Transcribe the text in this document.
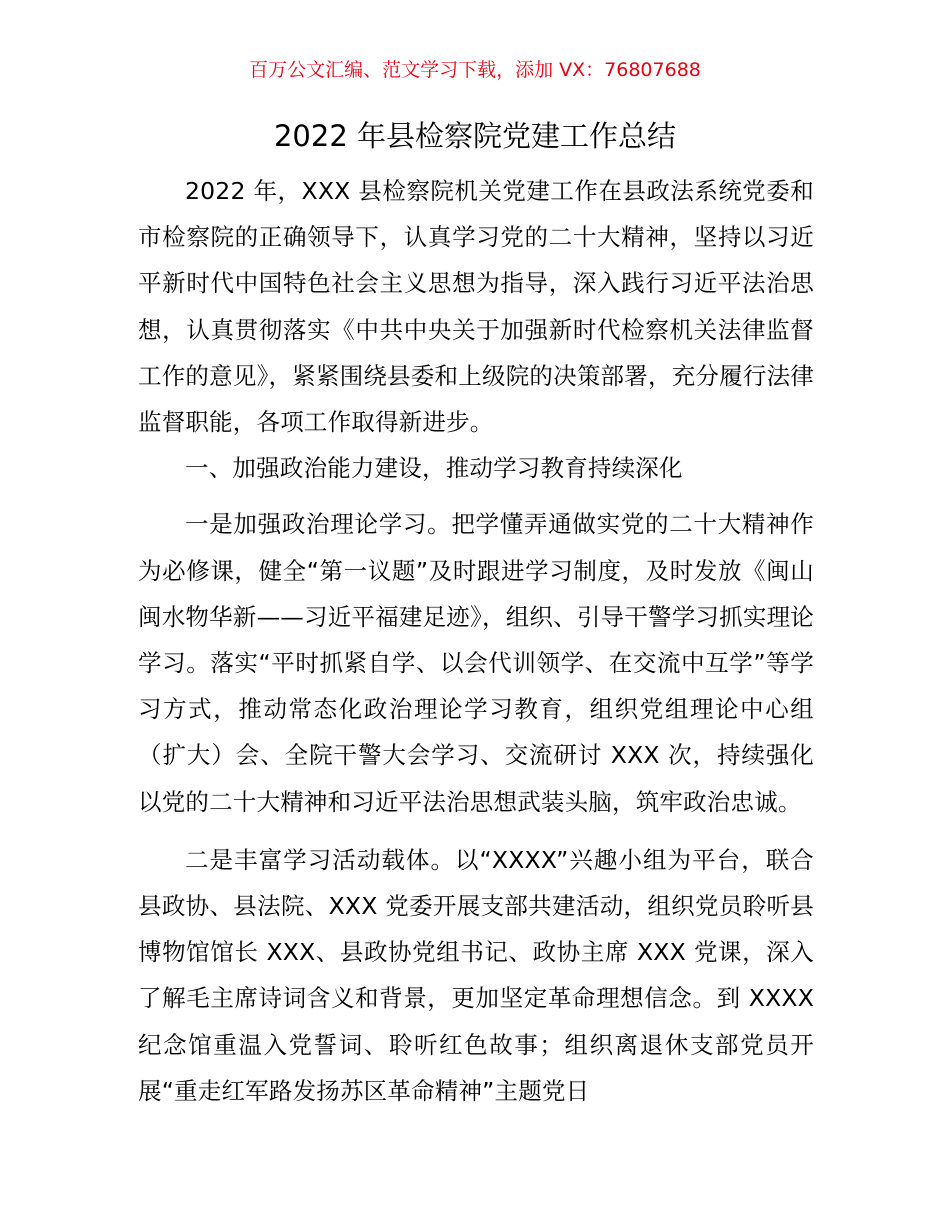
百万公文汇编、范文学习下载，添加 VX：76807688
2022 年县检察院党建工作总结

2022 年，XXX 县检察院机关党建工作在县政法系统党委和市检察院的正确领导下，认真学习党的二十大精神，坚持以习近平新时代中国特色社会主义思想为指导，深入践行习近平法治思想，认真贯彻落实《中共中央关于加强新时代检察机关法律监督工作的意见》，紧紧围绕县委和上级院的决策部署，充分履行法律监督职能，各项工作取得新进步。

一、加强政治能力建设，推动学习教育持续深化

一是加强政治理论学习。把学懂弄通做实党的二十大精神作为必修课，健全“第一议题”及时跟进学习制度，及时发放《闽山闽水物华新——习近平福建足迹》，组织、引导干警学习抓实理论学习。落实“平时抓紧自学、以会代训领学、在交流中互学”等学习方式，推动常态化政治理论学习教育，组织党组理论中心组（扩大）会、全院干警大会学习、交流研讨 XXX 次，持续强化以党的二十大精神和习近平法治思想武装头脑，筑牢政治忠诚。

二是丰富学习活动载体。以“XXXX”兴趣小组为平台，联合县政协、县法院、XXX 党委开展支部共建活动，组织党员聆听县博物馆馆长 XXX、县政协党组书记、政协主席 XXX 党课，深入了解毛主席诗词含义和背景，更加坚定革命理想信念。到 XXXX 纪念馆重温入党誓词、聆听红色故事；组织离退休支部党员开展“重走红军路发扬苏区革命精神”主题党日
